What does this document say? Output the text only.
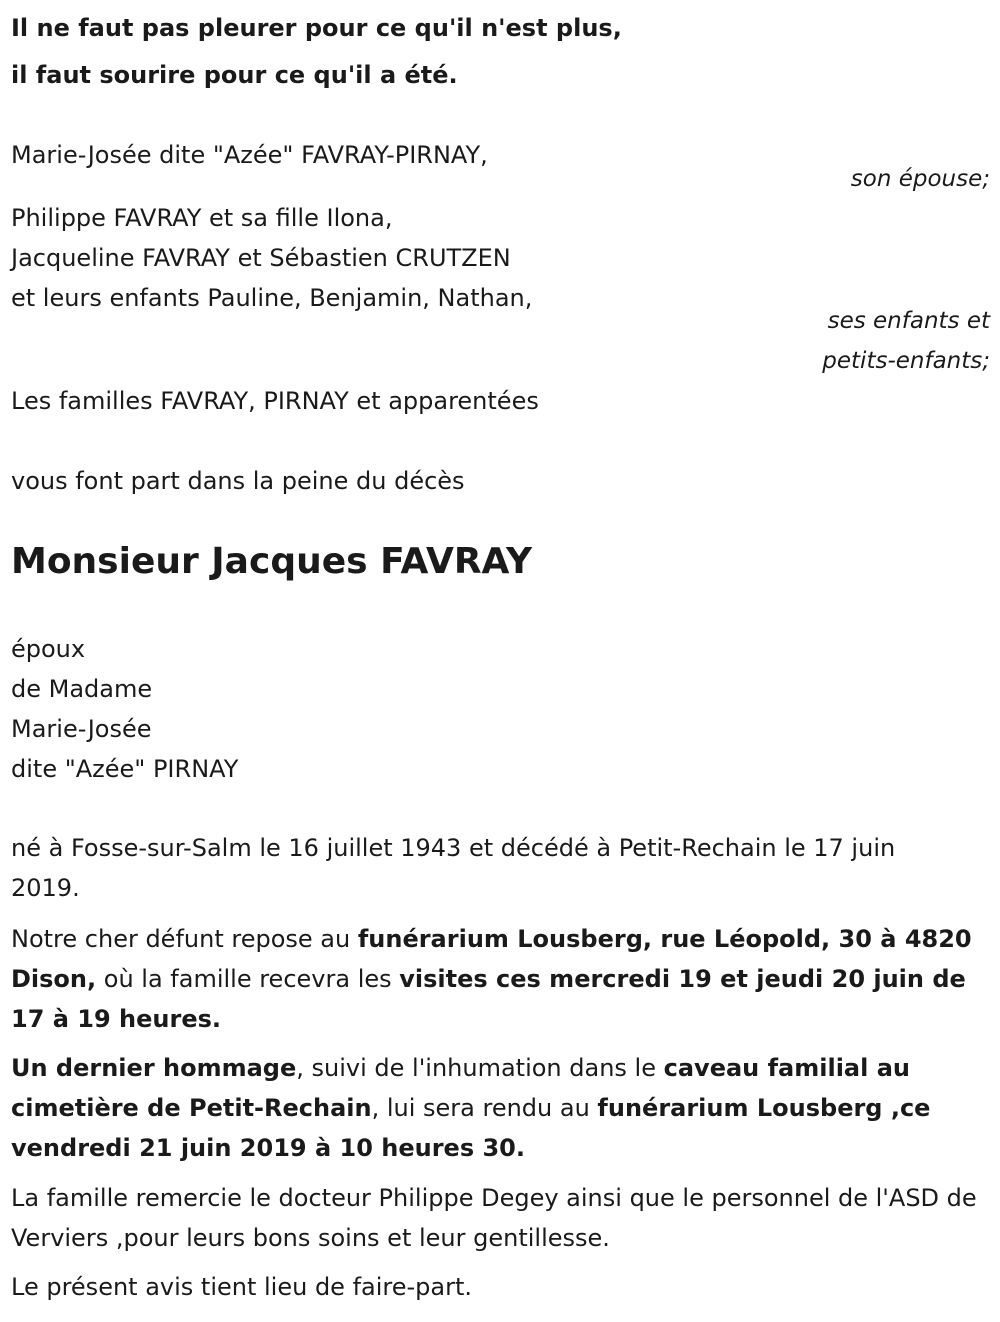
Il ne faut pas pleurer pour ce qu'il n'est plus,
il faut sourire pour ce qu'il a été.
Marie-Josée dite "Azée" FAVRAY-PIRNAY,
son épouse;
Philippe FAVRAY et sa fille Ilona,
Jacqueline FAVRAY et Sébastien CRUTZEN
et leurs enfants Pauline, Benjamin, Nathan,
ses enfants et
petits-enfants;
Les familles FAVRAY, PIRNAY et apparentées
vous font part dans la peine du décès
Monsieur Jacques FAVRAY
époux
de Madame
Marie-Josée
dite "Azée" PIRNAY
né à Fosse-sur-Salm le 16 juillet 1943 et décédé à Petit-Rechain le 17 juin
2019.
Notre cher défunt repose au funérarium Lousberg, rue Léopold, 30 à 4820 Dison, où la famille recevra les visites ces mercredi 19 et jeudi 20 juin de 17 à 19 heures.
Un dernier hommage, suivi de l'inhumation dans le caveau familial au cimetière de Petit-Rechain, lui sera rendu au funérarium Lousberg ,ce vendredi 21 juin 2019 à 10 heures 30.
La famille remercie le docteur Philippe Degey ainsi que le personnel de l'ASD de Verviers ,pour leurs bons soins et leur gentillesse.
Le présent avis tient lieu de faire-part.
